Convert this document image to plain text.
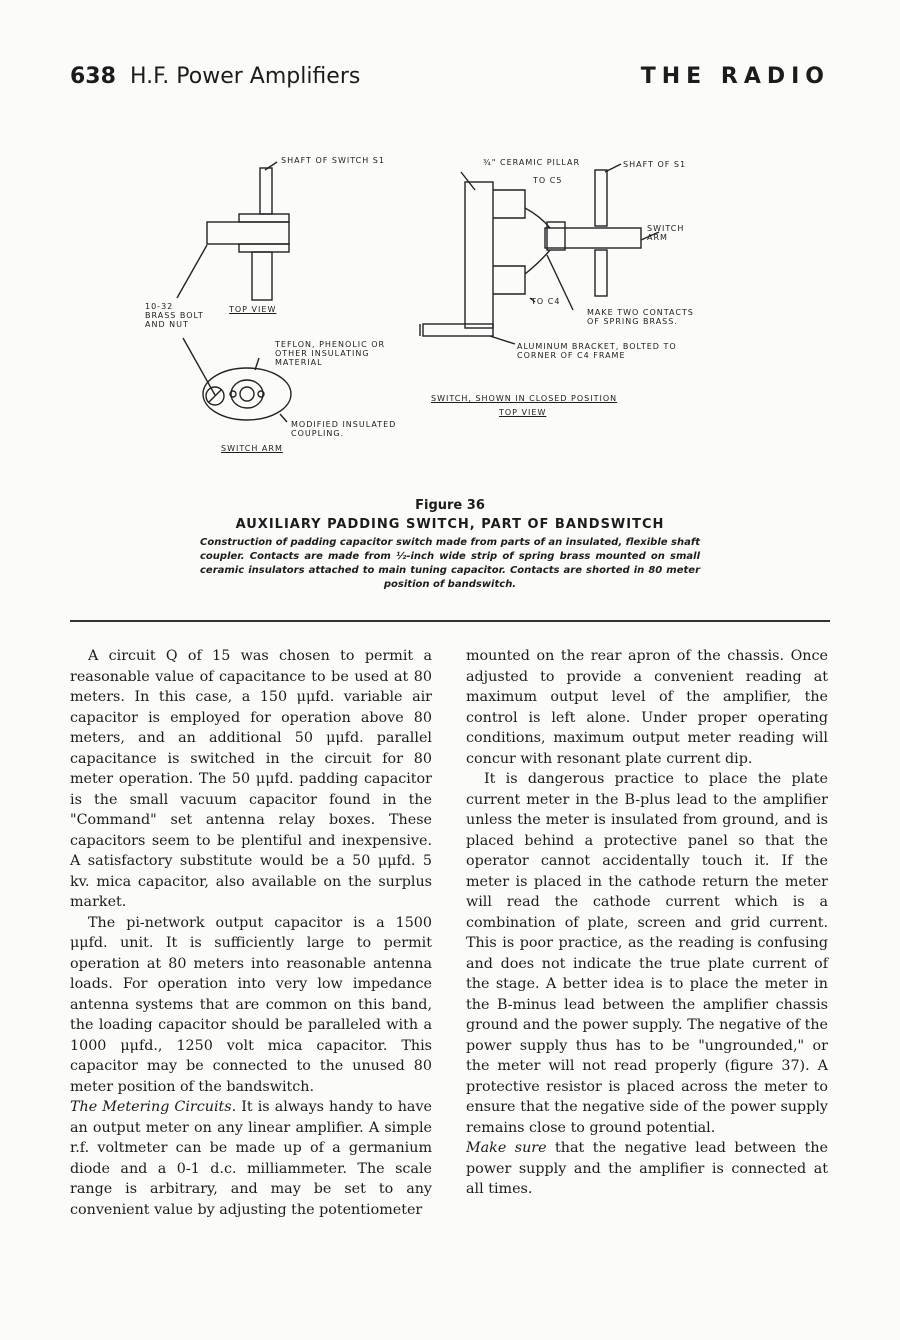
638 H.F. Power Amplifiers	THE RADIO
SHAFT OF SWITCH S1
10-32
BRASS BOLT
AND NUT
TOP VIEW
TEFLON, PHENOLIC OR
OTHER INSULATING
MATERIAL
MODIFIED INSULATED
COUPLING.
SWITCH ARM
¾" CERAMIC PILLAR	SHAFT OF S1
TO C5
SWITCH
ARM
TO C4
MAKE TWO CONTACTS
OF SPRING BRASS.
ALUMINUM BRACKET, BOLTED TO
CORNER OF C4 FRAME
SWITCH, SHOWN IN CLOSED POSITION
TOP VIEW
Figure 36
AUXILIARY PADDING SWITCH, PART OF BANDSWITCH
Construction of padding capacitor switch made from parts of an insulated, flexible shaft coupler. Contacts are made from ½-inch wide strip of spring brass mounted on small ceramic insulators attached to main tuning capacitor. Contacts are shorted in 80 meter position of bandswitch.

A circuit Q of 15 was chosen to permit a reasonable value of capacitance to be used at 80 meters. In this case, a 150 μμfd. variable air capacitor is employed for operation above 80 meters, and an additional 50 μμfd. parallel capacitance is switched in the circuit for 80 meter operation. The 50 μμfd. padding capacitor is the small vacuum capacitor found in the "Command" set antenna relay boxes. These capacitors seem to be plentiful and inexpensive. A satisfactory substitute would be a 50 μμfd. 5 kv. mica capacitor, also available on the surplus market.

The pi-network output capacitor is a 1500 μμfd. unit. It is sufficiently large to permit operation at 80 meters into reasonable antenna loads. For operation into very low impedance antenna systems that are common on this band, the loading capacitor should be paralleled with a 1000 μμfd., 1250 volt mica capacitor. This capacitor may be connected to the unused 80 meter position of the bandswitch.

The Metering Circuits. It is always handy to have an output meter on any linear amplifier. A simple r.f. voltmeter can be made up of a germanium diode and a 0-1 d.c. milliammeter. The scale range is arbitrary, and may be set to any convenient value by adjusting the potentiometer

mounted on the rear apron of the chassis. Once adjusted to provide a convenient reading at maximum output level of the amplifier, the control is left alone. Under proper operating conditions, maximum output meter reading will concur with resonant plate current dip.

It is dangerous practice to place the plate current meter in the B-plus lead to the amplifier unless the meter is insulated from ground, and is placed behind a protective panel so that the operator cannot accidentally touch it. If the meter is placed in the cathode return the meter will read the cathode current which is a combination of plate, screen and grid current. This is poor practice, as the reading is confusing and does not indicate the true plate current of the stage. A better idea is to place the meter in the B-minus lead between the amplifier chassis ground and the power supply. The negative of the power supply thus has to be "ungrounded," or the meter will not read properly (figure 37). A protective resistor is placed across the meter to ensure that the negative side of the power supply remains close to ground potential.

Make sure that the negative lead between the power supply and the amplifier is connected at all times.
